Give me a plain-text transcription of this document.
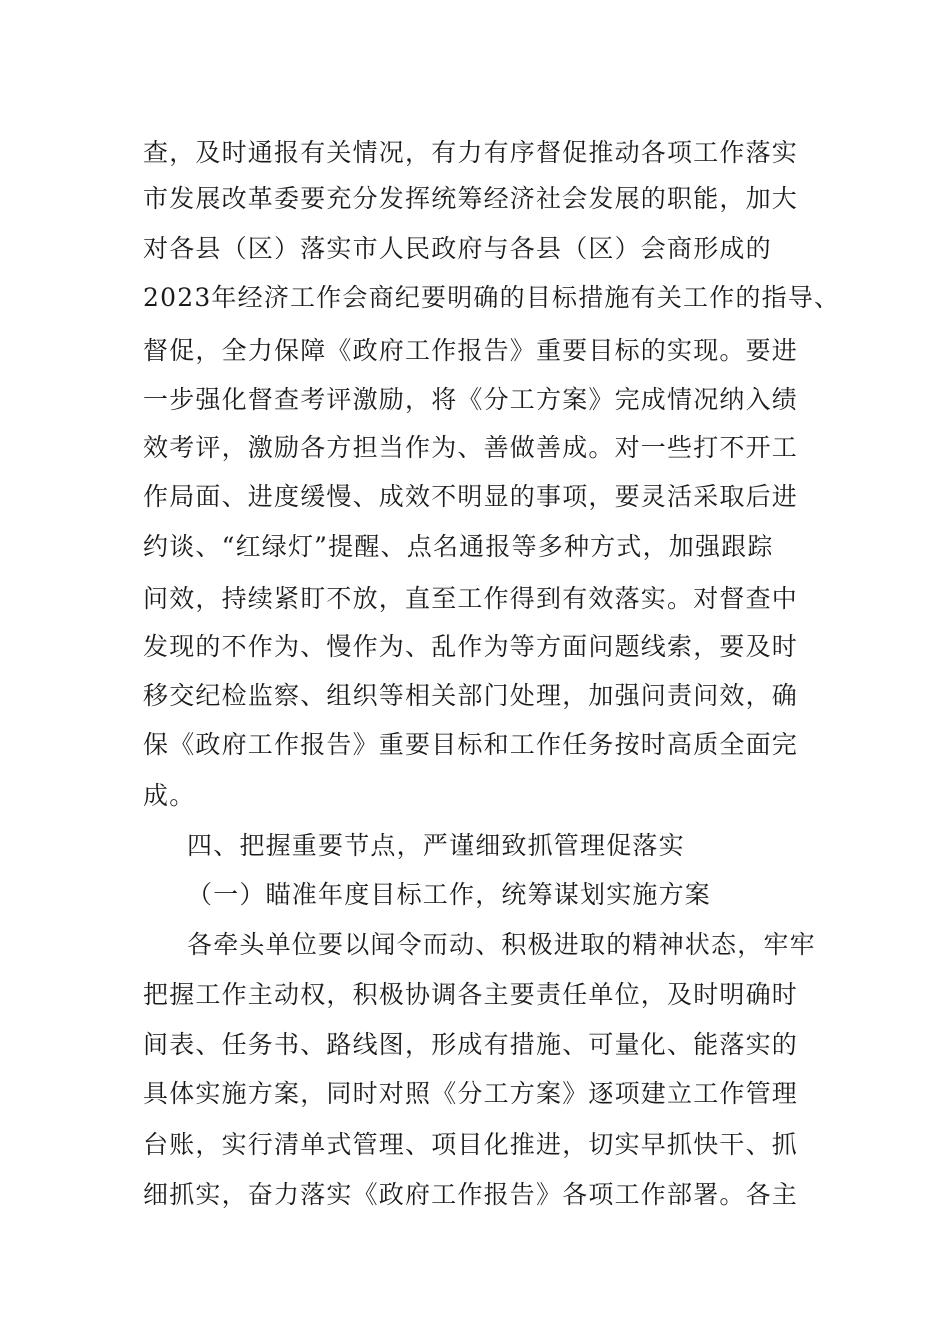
查，及时通报有关情况，有力有序督促推动各项工作落实
市发展改革委要充分发挥统筹经济社会发展的职能，加大
对各县（区）落实市人民政府与各县（区）会商形成的
2023年经济工作会商纪要明确的目标措施有关工作的指导、
督促，全力保障《政府工作报告》重要目标的实现。要进
一步强化督查考评激励，将《分工方案》完成情况纳入绩
效考评，激励各方担当作为、善做善成。对一些打不开工
作局面、进度缓慢、成效不明显的事项，要灵活采取后进
约谈、“红绿灯”提醒、点名通报等多种方式，加强跟踪
问效，持续紧盯不放，直至工作得到有效落实。对督查中
发现的不作为、慢作为、乱作为等方面问题线索，要及时
移交纪检监察、组织等相关部门处理，加强问责问效，确
保《政府工作报告》重要目标和工作任务按时高质全面完
成。
四、把握重要节点，严谨细致抓管理促落实
（一）瞄准年度目标工作，统筹谋划实施方案
各牵头单位要以闻令而动、积极进取的精神状态，牢牢
把握工作主动权，积极协调各主要责任单位，及时明确时
间表、任务书、路线图，形成有措施、可量化、能落实的
具体实施方案，同时对照《分工方案》逐项建立工作管理
台账，实行清单式管理、项目化推进，切实早抓快干、抓
细抓实，奋力落实《政府工作报告》各项工作部署。各主
